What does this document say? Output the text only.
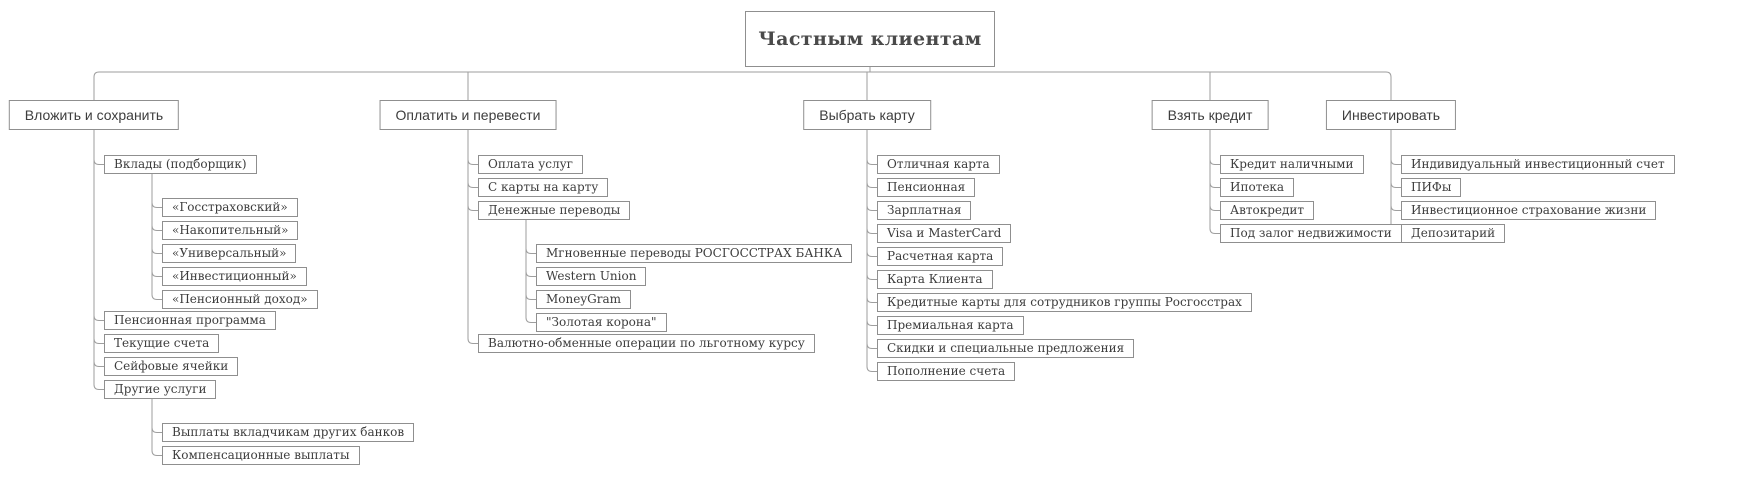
Частным клиентам
Вложить и сохранить	Оплатить и перевести	Выбрать карту	Взять кредит	Инвестировать
Вклады (подборщик)
«Госстраховский»
«Накопительный»
«Универсальный»
«Инвестиционный»
«Пенсионный доход»
Пенсионная программа
Текущие счета
Сейфовые ячейки
Другие услуги
Выплаты вкладчикам других банков
Компенсационные выплаты
Оплата услуг
С карты на карту
Денежные переводы
Мгновенные переводы РОСГОССТРАХ БАНКА
Western Union
MoneyGram
"Золотая корона"
Валютно-обменные операции по льготному курсу
Отличная карта
Пенсионная
Зарплатная
Visa и MasterCard
Расчетная карта
Карта Клиента
Кредитные карты для сотрудников группы Росгосстрах
Премиальная карта
Скидки и специальные предложения
Пополнение счета
Кредит наличными
Ипотека
Автокредит
Под залог недвижимости
Индивидуальный инвестиционный счет
ПИФы
Инвестиционное страхование жизни
Депозитарий
